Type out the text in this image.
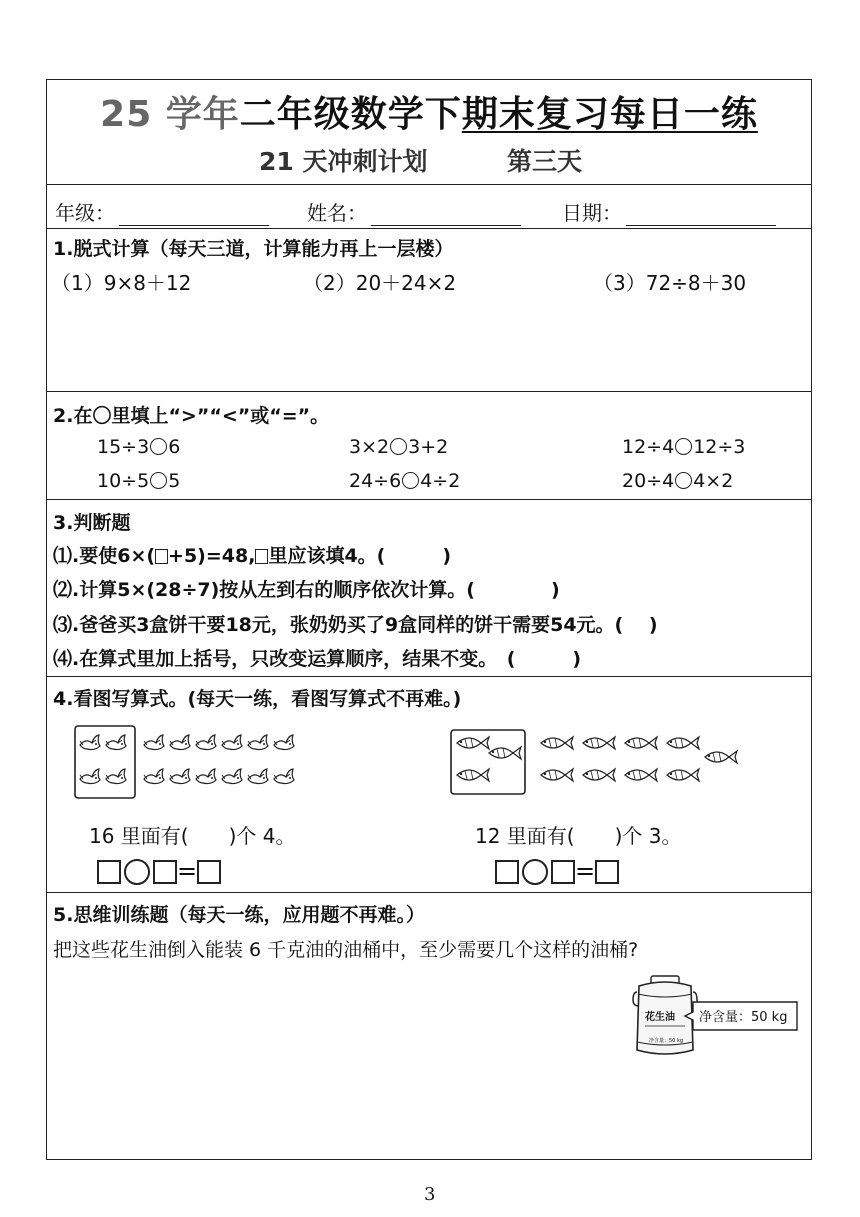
25 学年二年级数学下期末复习每日一练
21 天冲刺计划	第三天
年级：	姓名：	日期：
1.脱式计算（每天三道，计算能力再上一层楼）
（1）9×8＋12	（2）20＋24×2	（3）72÷8＋30
2.在〇里填上“>”“<”或“=”。
15÷3 6	3×2 3+2	12÷4 12÷3
10÷5 5	24÷6 4÷2	20÷4 4×2
3.判断题
⑴.要使6×( +5)=48, 里应该填4。(　　　)
⑵.计算5×(28÷7)按从左到右的顺序依次计算。(　　　　)
⑶.爸爸买3盒饼干要18元，张奶奶买了9盒同样的饼干需要54元。(　 )
⑷.在算式里加上括号，只改变运算顺序，结果不变。　(　　　)
4.看图写算式。(每天一练，看图写算式不再难。)
16 里面有(　　)个 4。	12 里面有(　　)个 3。
=	=
5.思维训练题（每天一练，应用题不再难。）
把这些花生油倒入能装 6 千克油的油桶中，至少需要几个这样的油桶?
花生油
净含量：50 kg
净含量：50 kg
3
